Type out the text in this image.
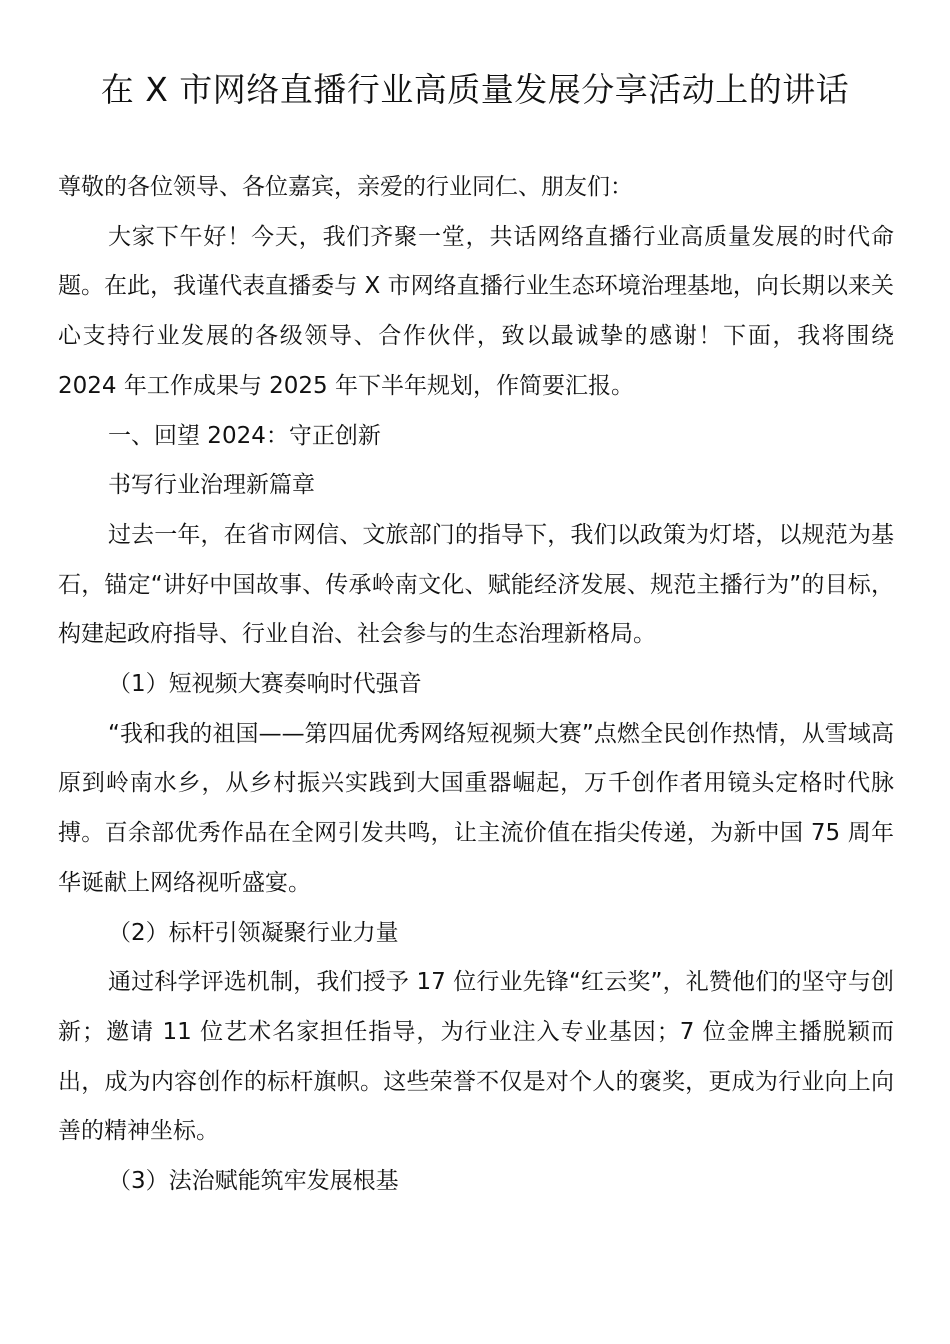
在 X 市网络直播行业高质量发展分享活动上的讲话

尊敬的各位领导、各位嘉宾，亲爱的行业同仁、朋友们：

大家下午好！今天，我们齐聚一堂，共话网络直播行业高质量发展的时代命题。在此，我谨代表直播委与 X 市网络直播行业生态环境治理基地，向长期以来关心支持行业发展的各级领导、合作伙伴，致以最诚挚的感谢！下面，我将围绕 2024 年工作成果与 2025 年下半年规划，作简要汇报。

一、回望 2024：守正创新

书写行业治理新篇章

过去一年，在省市网信、文旅部门的指导下，我们以政策为灯塔，以规范为基石，锚定“讲好中国故事、传承岭南文化、赋能经济发展、规范主播行为”的目标，构建起政府指导、行业自治、社会参与的生态治理新格局。

（1）短视频大赛奏响时代强音

“我和我的祖国——第四届优秀网络短视频大赛”点燃全民创作热情，从雪域高原到岭南水乡，从乡村振兴实践到大国重器崛起，万千创作者用镜头定格时代脉搏。百余部优秀作品在全网引发共鸣，让主流价值在指尖传递，为新中国 75 周年华诞献上网络视听盛宴。

（2）标杆引领凝聚行业力量

通过科学评选机制，我们授予 17 位行业先锋“红云奖”，礼赞他们的坚守与创新；邀请 11 位艺术名家担任指导，为行业注入专业基因；7 位金牌主播脱颖而出，成为内容创作的标杆旗帜。这些荣誉不仅是对个人的褒奖，更成为行业向上向善的精神坐标。

（3）法治赋能筑牢发展根基
